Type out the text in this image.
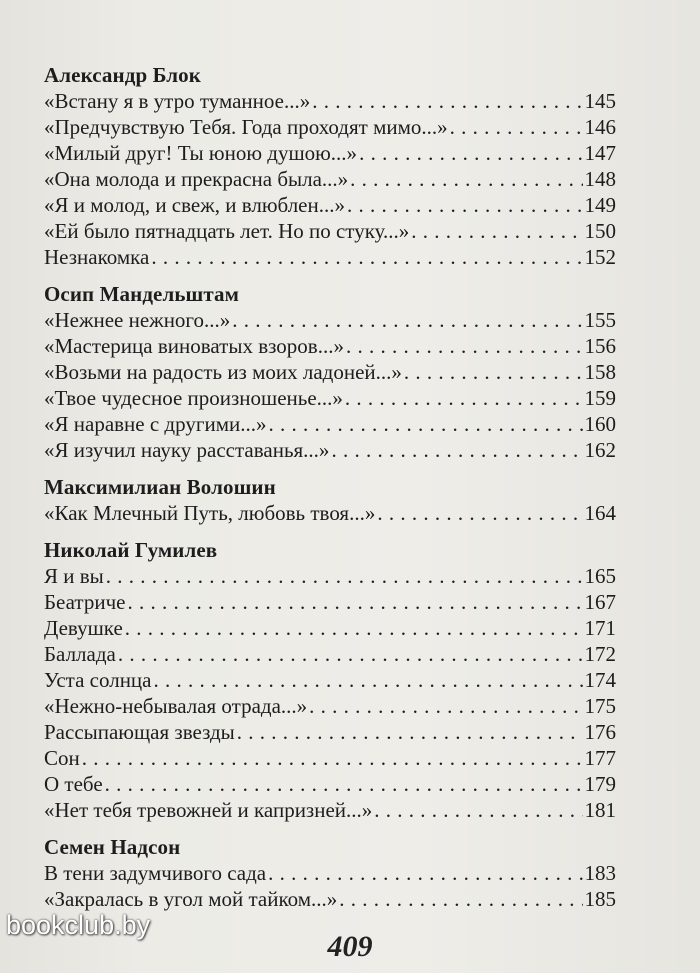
Александр Блок
«Встану я в утро туманное...» . . .	145
«Предчувствую Тебя. Года проходят мимо...» . . .	146
«Милый друг! Ты юною душою...» . . .	147
«Она молода и прекрасна была...» . . .	148
«Я и молод, и свеж, и влюблен...» . . .	149
«Ей было пятнадцать лет. Но по стуку...» . . .	150
Незнакомка . . .	152
Осип Мандельштам
«Нежнее нежного...» . . .	155
«Мастерица виноватых взоров...» . . .	156
«Возьми на радость из моих ладоней...» . . .	158
«Твое чудесное произношенье...» . . .	159
«Я наравне с другими...» . . .	160
«Я изучил науку расставанья...» . . .	162
Максимилиан Волошин
«Как Млечный Путь, любовь твоя...» . . .	164
Николай Гумилев
Я и вы . . .	165
Беатриче . . .	167
Девушке . . .	171
Баллада . . .	172
Уста солнца . . .	174
«Нежно-небывалая отрада...» . . .	175
Рассыпающая звезды . . .	176
Сон . . .	177
О тебе . . .	179
«Нет тебя тревожней и капризней...» . . .	181
Семен Надсон
В тени задумчивого сада . . .	183
«Закралась в угол мой тайком...» . . .	185
409
bookclub.by
